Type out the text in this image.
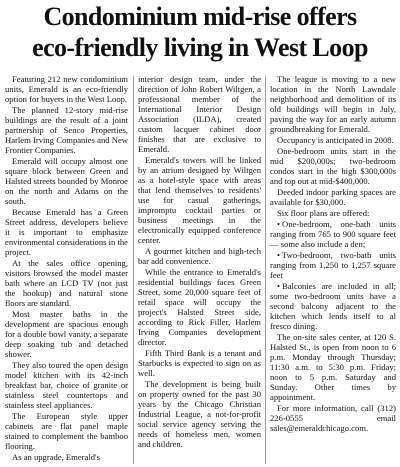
Condominium mid-rise offers
eco-friendly living in West Loop

Featuring 212 new condominium units, Emerald is an eco-friendly option for buyers in the West Loop.

The planned 12-story mid-rise buildings are the result of a joint partnership of Senco Properties, Harlem Irving Companies and New Frontier Companies.

Emerald will occupy almost one square block between Green and Halsted streets bounded by Monroe on the north and Adams on the south.

Because Emerald has a Green Street address, developers believe it is important to emphasize environmental considerations in the project.

At the sales office opening, visitors browsed the model master bath where an LCD TV (not just the hookup) and natural stone floors are standard.

Most master baths in the development are spacious enough for a double bowl vanity, a separate deep soaking tub and detached shower.

They also toured the open design model kitchen with its 42-inch breakfast bar, choice of granite or stainless steel countertops and stainless steel appliances.

The European style upper cabinets are flat panel maple stained to complement the bamboo flooring.

As an upgrade, Emerald's

interior design team, under the direction of John Robert Wiltgen, a professional member of the International Interior Design Association (ILDA), created custom lacquer cabinet door finishes that are exclusive to Emerald.

Emerald's towers will be linked by an atrium designed by Wiltgen as a hotel-style space with areas that lend themselves to residents' use for casual gatherings, impromptu cocktail parties or business meetings in the electronically equipped conference center.

A gourmet kitchen and high-tech bar add convenience.

While the entrance to Emerald's residential buildings faces Green Street, some 20,000 square feet of retail space will occupy the project's Halsted Street side, according to Rick Filler, Harlem Irving Companies development director.

Fifth Third Bank is a tenant and Starbucks is expected to sign on as well.

The development is being built on property owned for the past 30 years by the Chicago Christian Industrial League, a not-for-profit social service agency serving the needs of homeless men, women and children.

The league is moving to a new location in the North Lawndale neighborhood and demolition of its old buildings will begin in July, paving the way for an early autumn groundbreaking for Emerald.

Occupancy is anticipated in 2008.

One-bedroom units start in the mid $200,000s; two-bedroom condos start in the high $300,000s and top out at mid-$400,000.

Deeded indoor parking spaces are available for $30,000.

Six floor plans are offered:

• One-bedroom, one-bath units ranging from 765 to 900 square feet — some also include a den;

• Two-bedroom, two-bath units ranging from 1,250 to 1,257 square feet

• Balconies are included in all; some two-bedroom units have a second balcony adjacent to the kitchen which lends itself to al fresco dining.

The on-site sales center, at 120 S. Halsted St., is open from noon to 6 p.m. Monday through Thursday; 11:30 a.m. to 5:30 p.m. Friday; noon to 5 p.m. Saturday and Sunday. Other times by appointment.

For more information, call (312) 226-0555 email sales@emeraldchicago.com.
